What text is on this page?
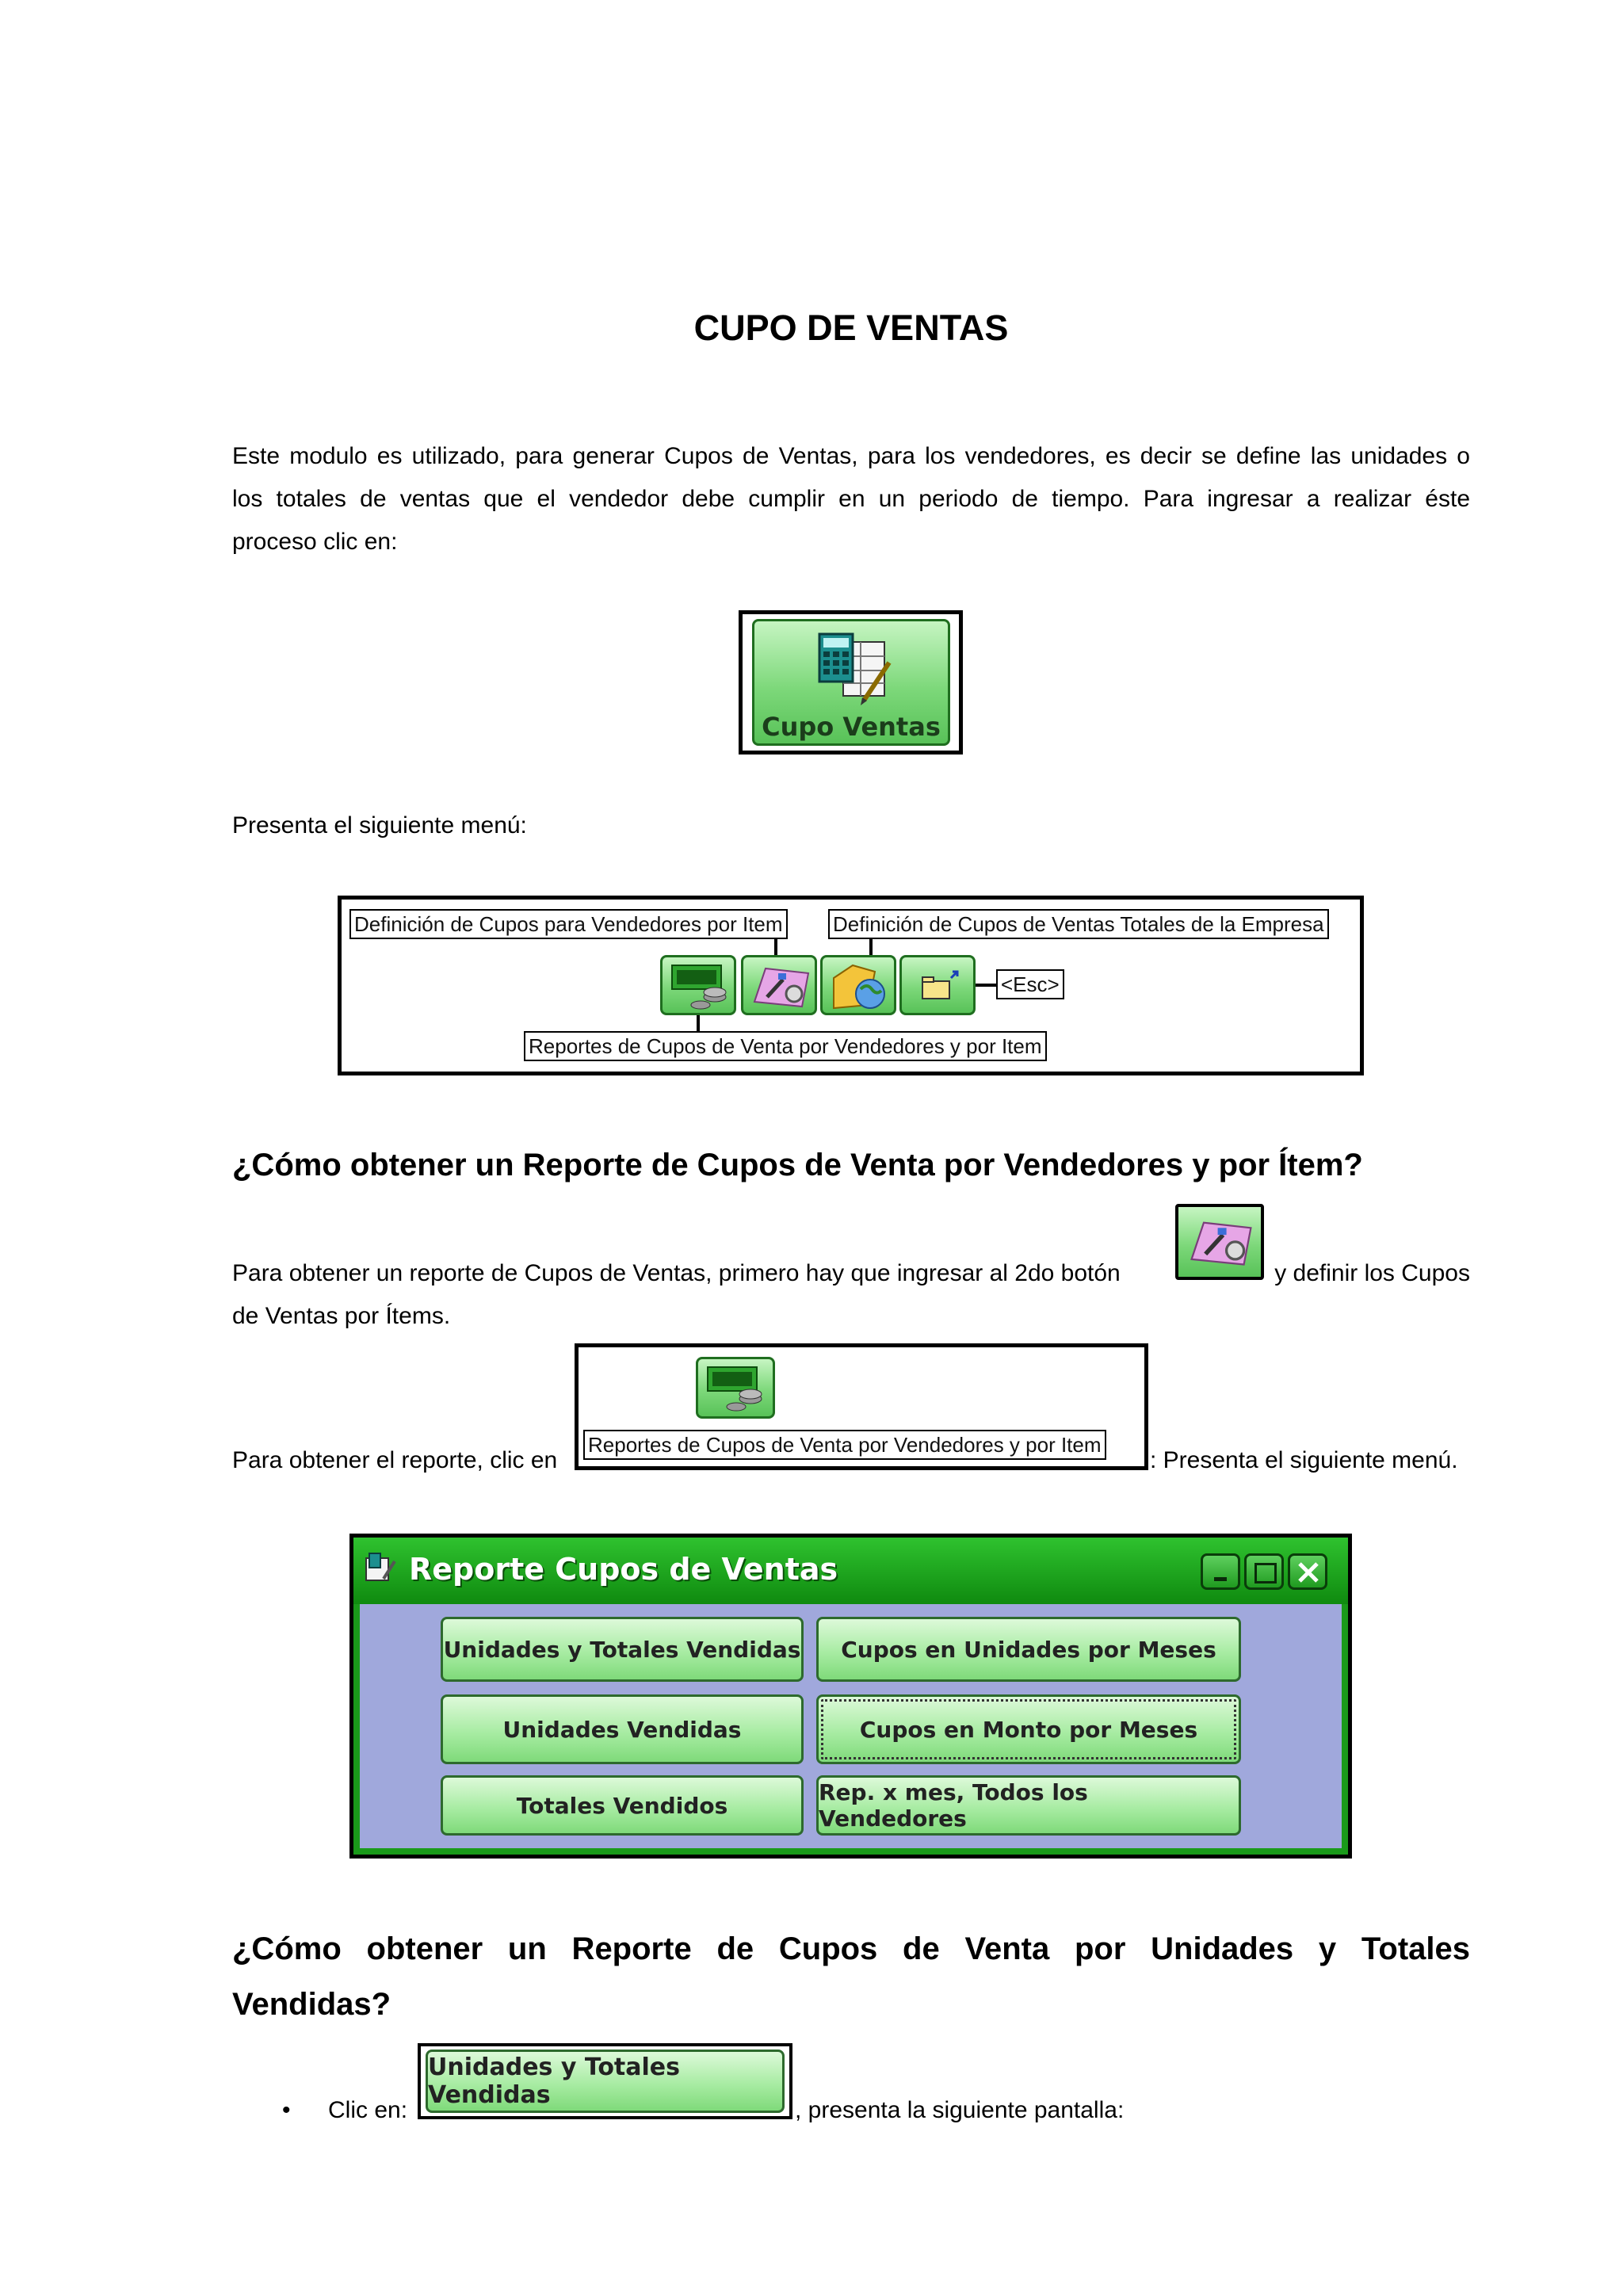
CUPO DE VENTAS
Este modulo es utilizado, para generar Cupos de Ventas, para los vendedores, es decir se define las unidades o
los totales de ventas que el vendedor debe cumplir en un periodo de tiempo. Para ingresar a realizar éste
proceso clic en:
Cupo Ventas
Presenta el siguiente menú:
Definición de Cupos para Vendedores por Item Definición de Cupos de Ventas Totales de la Empresa
<Esc>
Reportes de Cupos de Venta por Vendedores y por Item
¿Cómo obtener un Reporte de Cupos de Venta por Vendedores y por Ítem?
Para obtener un reporte de Cupos de Ventas, primero hay que ingresar al 2do botón	y definir los Cupos
de Ventas por Ítems.
Reportes de Cupos de Venta por Vendedores y por Item
Para obtener el reporte, clic en	: Presenta el siguiente menú.
Reporte Cupos de Ventas
Unidades y Totales Vendidas	Cupos en Unidades por Meses
Unidades Vendidas	Cupos en Monto por Meses
Totales Vendidos	Rep. x mes, Todos los Vendedores
¿Cómo obtener un Reporte de Cupos de Venta por Unidades y Totales
Vendidas?
• Clic en:
Unidades y Totales Vendidas
, presenta la siguiente pantalla:
